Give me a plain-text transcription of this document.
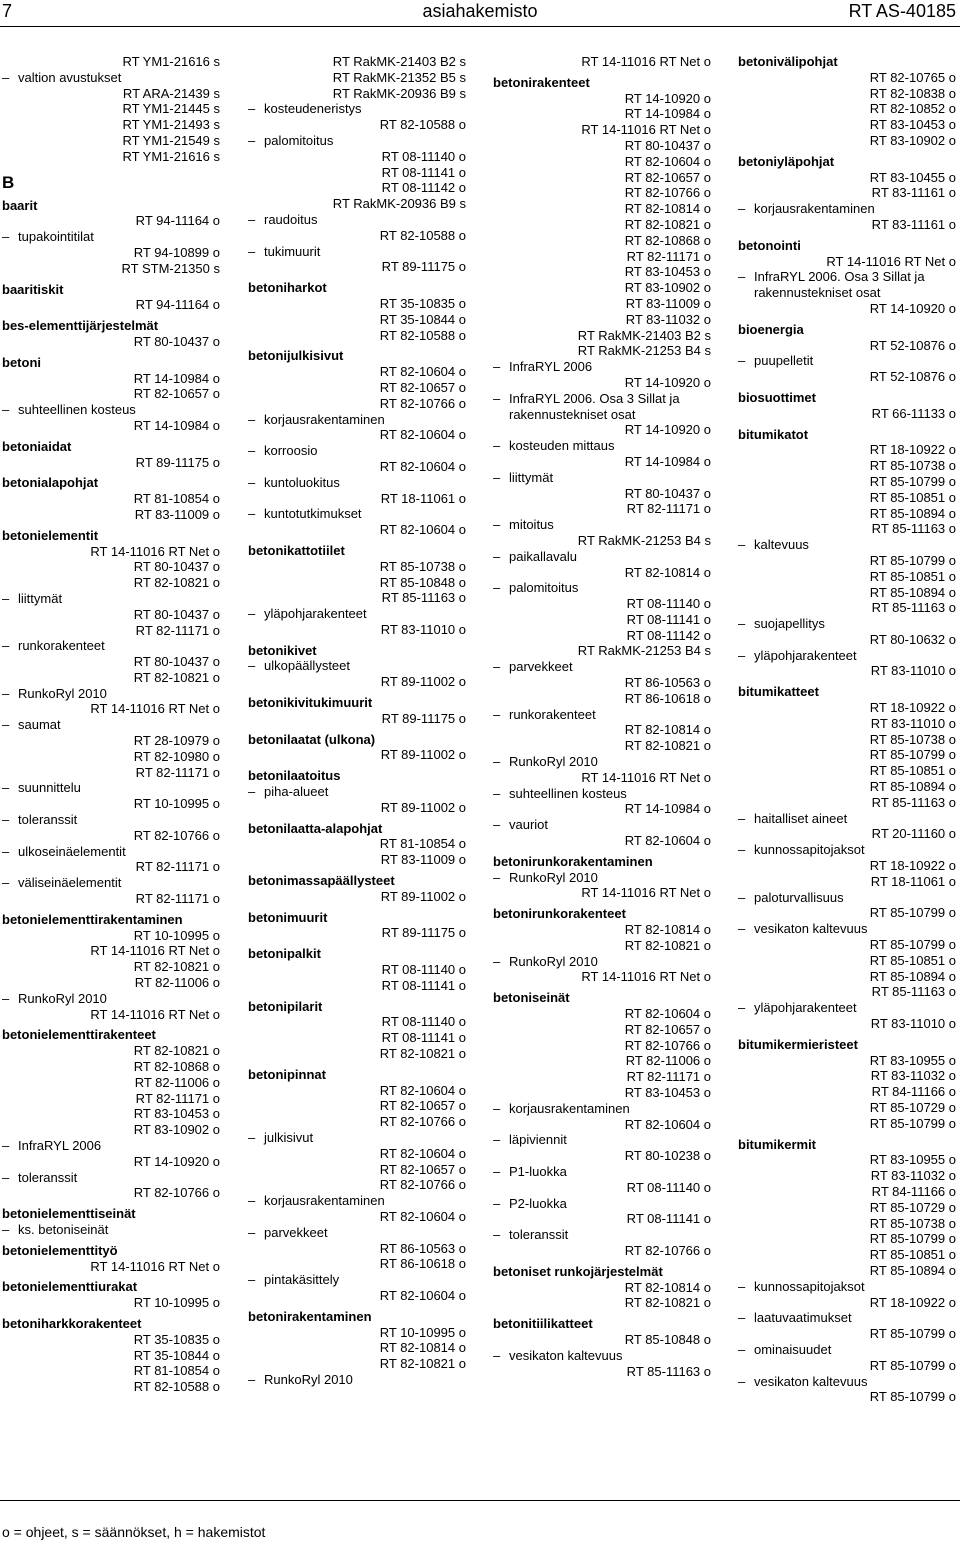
7	asiahakemisto	RT AS-40185
RT YM1-21616 s
– valtion avustukset
RT ARA-21439 s
RT YM1-21445 s
RT YM1-21493 s
RT YM1-21549 s
RT YM1-21616 s
B
baarit
RT 94-11164 o
– tupakointitilat
RT 94-10899 o
RT STM-21350 s
baaritiskit
RT 94-11164 o
bes-elementtijärjestelmät
RT 80-10437 o
betoni
RT 14-10984 o
RT 82-10657 o
– suhteellinen kosteus
RT 14-10984 o
betoniaidat
RT 89-11175 o
betonialapohjat
RT 81-10854 o
RT 83-11009 o
betonielementit
RT 14-11016 RT Net o
RT 80-10437 o
RT 82-10821 o
– liittymät
RT 80-10437 o
RT 82-11171 o
– runkorakenteet
RT 80-10437 o
RT 82-10821 o
– RunkoRyl 2010
RT 14-11016 RT Net o
– saumat
RT 28-10979 o
RT 82-10980 o
RT 82-11171 o
– suunnittelu
RT 10-10995 o
– toleranssit
RT 82-10766 o
– ulkoseinäelementit
RT 82-11171 o
– väliseinäelementit
RT 82-11171 o
betonielementtirakentaminen
RT 10-10995 o
RT 14-11016 RT Net o
RT 82-10821 o
RT 82-11006 o
– RunkoRyl 2010
RT 14-11016 RT Net o
betonielementtirakenteet
RT 82-10821 o
RT 82-10868 o
RT 82-11006 o
RT 82-11171 o
RT 83-10453 o
RT 83-10902 o
– InfraRYL 2006
RT 14-10920 o
– toleranssit
RT 82-10766 o
betonielementtiseinät
– ks. betoniseinät
betonielementtityö
RT 14-11016 RT Net o
betonielementtiurakat
RT 10-10995 o
betoniharkkorakenteet
RT 35-10835 o
RT 35-10844 o
RT 81-10854 o
RT 82-10588 o
RT RakMK-21403 B2 s
RT RakMK-21352 B5 s
RT RakMK-20936 B9 s
– kosteudeneristys
RT 82-10588 o
– palomitoitus
RT 08-11140 o
RT 08-11141 o
RT 08-11142 o
RT RakMK-20936 B9 s
– raudoitus
RT 82-10588 o
– tukimuurit
RT 89-11175 o
betoniharkot
RT 35-10835 o
RT 35-10844 o
RT 82-10588 o
betonijulkisivut
RT 82-10604 o
RT 82-10657 o
RT 82-10766 o
– korjausrakentaminen
RT 82-10604 o
– korroosio
RT 82-10604 o
– kuntoluokitus
RT 18-11061 o
– kuntotutkimukset
RT 82-10604 o
betonikattotiilet
RT 85-10738 o
RT 85-10848 o
RT 85-11163 o
– yläpohjarakenteet
RT 83-11010 o
betonikivet
– ulkopäällysteet
RT 89-11002 o
betonikivitukimuurit
RT 89-11175 o
betonilaatat (ulkona)
RT 89-11002 o
betonilaatoitus
– piha-alueet
RT 89-11002 o
betonilaatta-alapohjat
RT 81-10854 o
RT 83-11009 o
betonimassapäällysteet
RT 89-11002 o
betonimuurit
RT 89-11175 o
betonipalkit
RT 08-11140 o
RT 08-11141 o
betonipilarit
RT 08-11140 o
RT 08-11141 o
RT 82-10821 o
betonipinnat
RT 82-10604 o
RT 82-10657 o
RT 82-10766 o
– julkisivut
RT 82-10604 o
RT 82-10657 o
RT 82-10766 o
– korjausrakentaminen
RT 82-10604 o
– parvekkeet
RT 86-10563 o
RT 86-10618 o
– pintakäsittely
RT 82-10604 o
betonirakentaminen
RT 10-10995 o
RT 82-10814 o
RT 82-10821 o
– RunkoRyl 2010
RT 14-11016 RT Net o
betonirakenteet
RT 14-10920 o
RT 14-10984 o
RT 14-11016 RT Net o
RT 80-10437 o
RT 82-10604 o
RT 82-10657 o
RT 82-10766 o
RT 82-10814 o
RT 82-10821 o
RT 82-10868 o
RT 82-11171 o
RT 83-10453 o
RT 83-10902 o
RT 83-11009 o
RT 83-11032 o
RT RakMK-21403 B2 s
RT RakMK-21253 B4 s
– InfraRYL 2006
RT 14-10920 o
– InfraRYL 2006. Osa 3 Sillat ja rakennustekniset osat
RT 14-10920 o
– kosteuden mittaus
RT 14-10984 o
– liittymät
RT 80-10437 o
RT 82-11171 o
– mitoitus
RT RakMK-21253 B4 s
– paikallavalu
RT 82-10814 o
– palomitoitus
RT 08-11140 o
RT 08-11141 o
RT 08-11142 o
RT RakMK-21253 B4 s
– parvekkeet
RT 86-10563 o
RT 86-10618 o
– runkorakenteet
RT 82-10814 o
RT 82-10821 o
– RunkoRyl 2010
RT 14-11016 RT Net o
– suhteellinen kosteus
RT 14-10984 o
– vauriot
RT 82-10604 o
betonirunkorakentaminen
– RunkoRyl 2010
RT 14-11016 RT Net o
betonirunkorakenteet
RT 82-10814 o
RT 82-10821 o
– RunkoRyl 2010
RT 14-11016 RT Net o
betoniseinät
RT 82-10604 o
RT 82-10657 o
RT 82-10766 o
RT 82-11006 o
RT 82-11171 o
RT 83-10453 o
– korjausrakentaminen
RT 82-10604 o
– läpiviennit
RT 80-10238 o
– P1-luokka
RT 08-11140 o
– P2-luokka
RT 08-11141 o
– toleranssit
RT 82-10766 o
betoniset runkojärjestelmät
RT 82-10814 o
RT 82-10821 o
betonitiilikatteet
RT 85-10848 o
– vesikaton kaltevuus
RT 85-11163 o
betonivälipohjat
RT 82-10765 o
RT 82-10838 o
RT 82-10852 o
RT 83-10453 o
RT 83-10902 o
betoniyläpohjat
RT 83-10455 o
RT 83-11161 o
– korjausrakentaminen
RT 83-11161 o
betonointi
RT 14-11016 RT Net o
– InfraRYL 2006. Osa 3 Sillat ja rakennustekniset osat
RT 14-10920 o
bioenergia
RT 52-10876 o
– puupelletit
RT 52-10876 o
biosuottimet
RT 66-11133 o
bitumikatot
RT 18-10922 o
RT 85-10738 o
RT 85-10799 o
RT 85-10851 o
RT 85-10894 o
RT 85-11163 o
– kaltevuus
RT 85-10799 o
RT 85-10851 o
RT 85-10894 o
RT 85-11163 o
– suojapellitys
RT 80-10632 o
– yläpohjarakenteet
RT 83-11010 o
bitumikatteet
RT 18-10922 o
RT 83-11010 o
RT 85-10738 o
RT 85-10799 o
RT 85-10851 o
RT 85-10894 o
RT 85-11163 o
– haitalliset aineet
RT 20-11160 o
– kunnossapitojaksot
RT 18-10922 o
RT 18-11061 o
– paloturvallisuus
RT 85-10799 o
– vesikaton kaltevuus
RT 85-10799 o
RT 85-10851 o
RT 85-10894 o
RT 85-11163 o
– yläpohjarakenteet
RT 83-11010 o
bitumikermieristeet
RT 83-10955 o
RT 83-11032 o
RT 84-11166 o
RT 85-10729 o
RT 85-10799 o
bitumikermit
RT 83-10955 o
RT 83-11032 o
RT 84-11166 o
RT 85-10729 o
RT 85-10738 o
RT 85-10799 o
RT 85-10851 o
RT 85-10894 o
– kunnossapitojaksot
RT 18-10922 o
– laatuvaatimukset
RT 85-10799 o
– ominaisuudet
RT 85-10799 o
– vesikaton kaltevuus
RT 85-10799 o
o = ohjeet, s = säännökset, h = hakemistot
